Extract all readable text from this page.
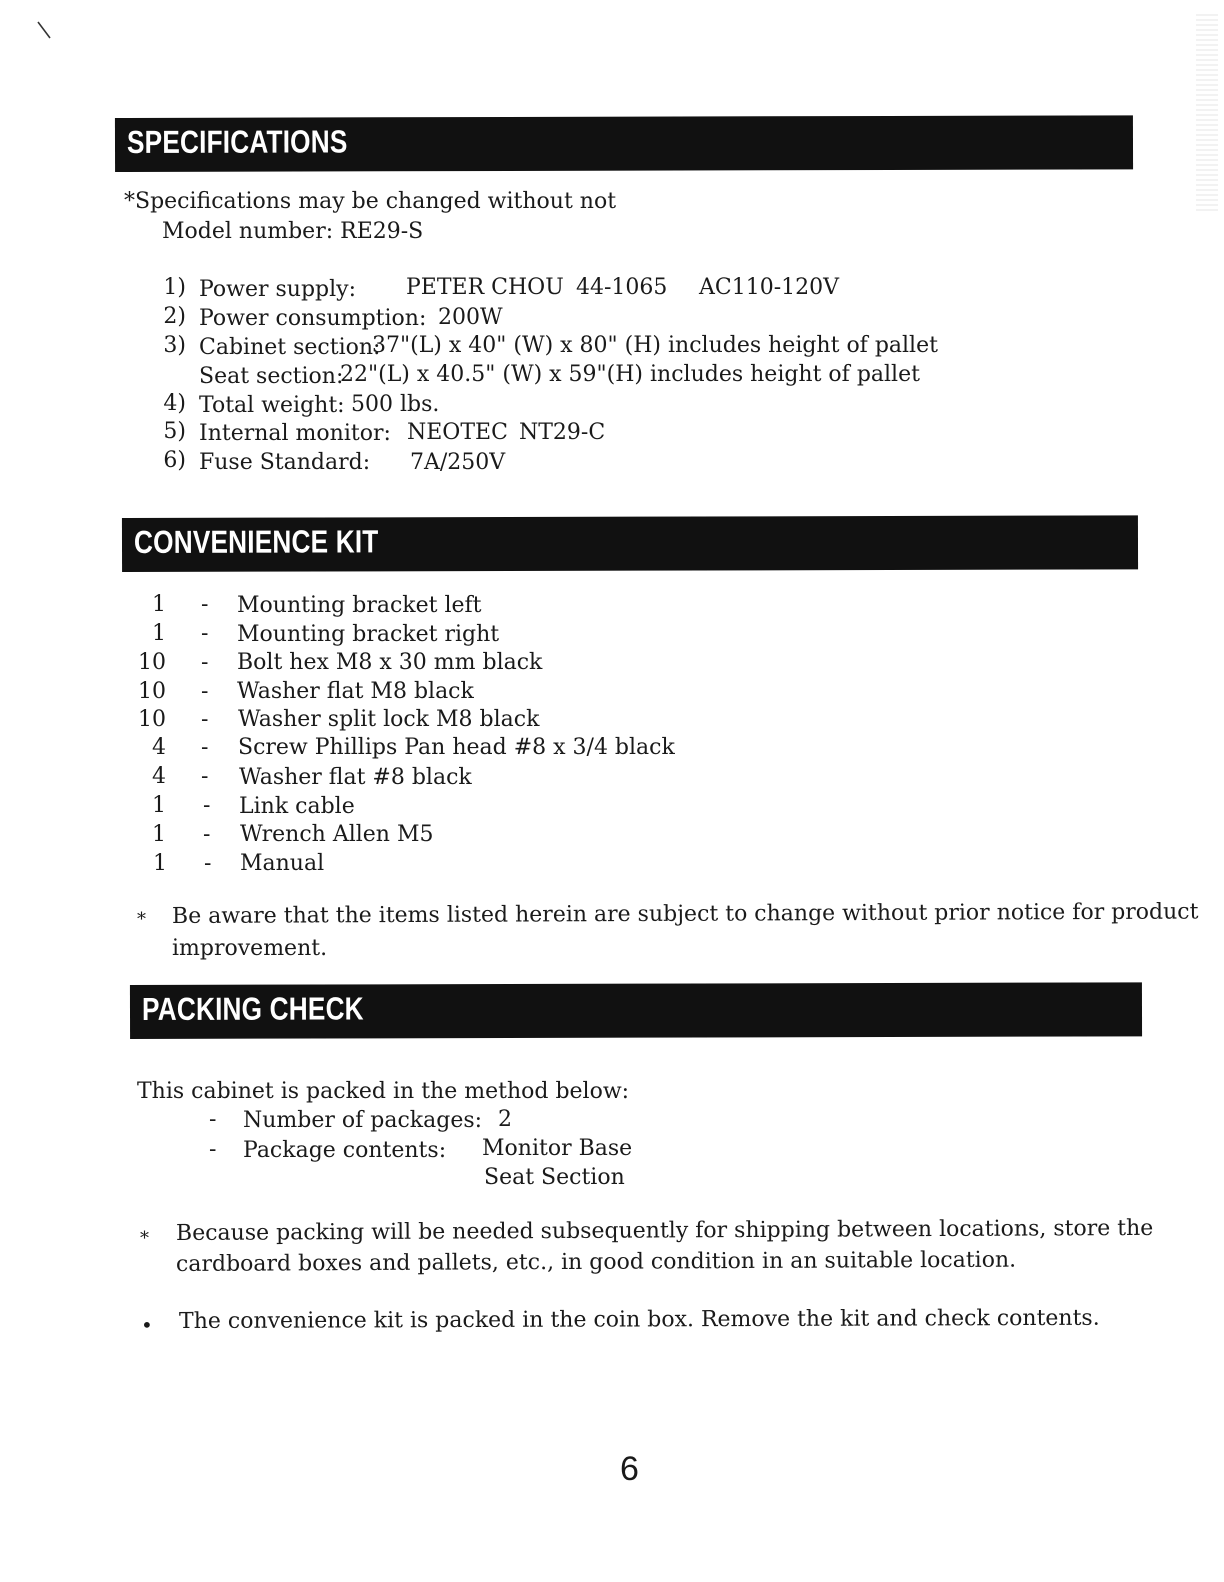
SPECIFICATIONS
*Specifications may be changed without not
Model number: RE29-S
1) Power supply: PETER CHOU 44-1065 AC110-120V
2) Power consumption: 200W
3) Cabinet section:
37"(L) x 40" (W) x 80" (H) includes height of pallet
Seat section:
22"(L) x 40.5" (W) x 59"(H) includes height of pallet
4) Total weight: 500 lbs.
5) Internal monitor: NEOTEC NT29-C
6) Fuse Standard: 7A/250V
CONVENIENCE KIT
1 - Mounting bracket left
1 - Mounting bracket right
10 - Bolt hex M8 x 30 mm black
10 - Washer flat M8 black
10 - Washer split lock M8 black
4 - Screw Phillips Pan head #8 x 3/4 black
4 - Washer flat #8 black
1 - Link cable
1 - Wrench Allen M5
1 - Manual
* Be aware that the items listed herein are subject to change without prior notice for product
improvement.
PACKING CHECK
This cabinet is packed in the method below:
- Number of packages: 2
- Package contents: Monitor Base
Seat Section
* Because packing will be needed subsequently for shipping between locations, store the
cardboard boxes and pallets, etc., in good condition in an suitable location.
• The convenience kit is packed in the coin box. Remove the kit and check contents.
6
